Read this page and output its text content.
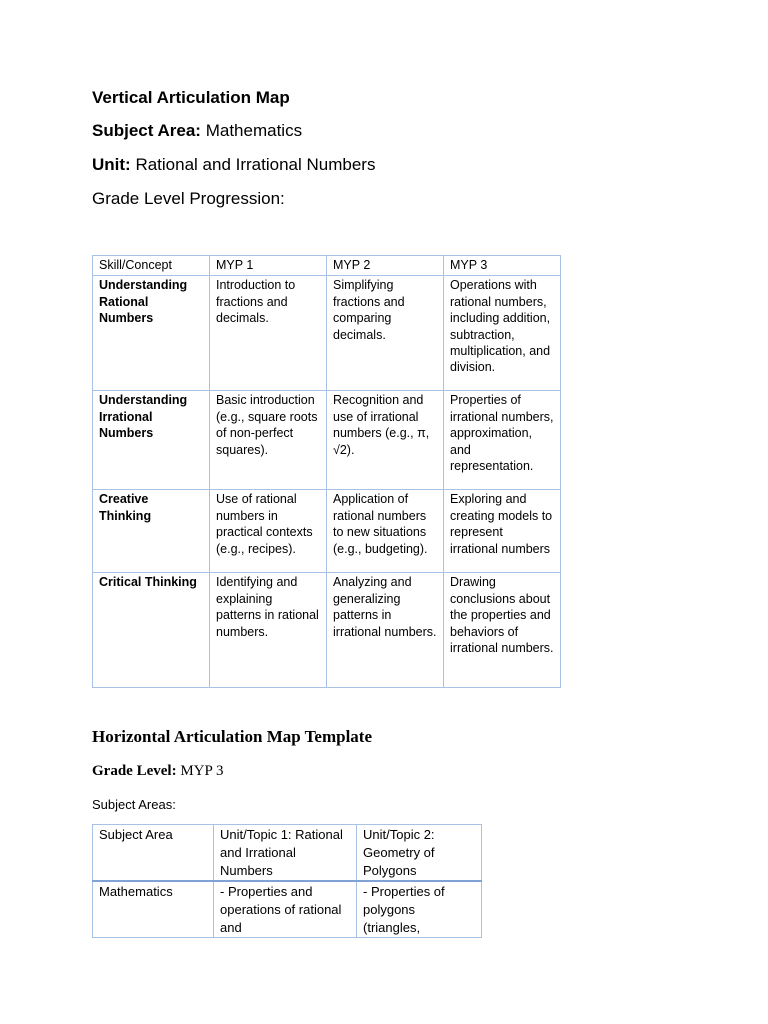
Vertical Articulation Map
Subject Area: Mathematics
Unit: Rational and Irrational Numbers
Grade Level Progression:
Skill/Concept	MYP 1	MYP 2	MYP 3
Understanding Rational Numbers	Introduction to fractions and decimals.	Simplifying fractions and comparing decimals.	Operations with rational numbers, including addition, subtraction, multiplication, and division.
Understanding Irrational Numbers	Basic introduction (e.g., square roots of non-perfect squares).	Recognition and use of irrational numbers (e.g., π, √2).	Properties of irrational numbers, approximation, and representation.
Creative Thinking	Use of rational numbers in practical contexts (e.g., recipes).	Application of rational numbers to new situations (e.g., budgeting).	Exploring and creating models to represent irrational numbers
Critical Thinking	Identifying and explaining patterns in rational numbers.	Analyzing and generalizing patterns in irrational numbers.	Drawing conclusions about the properties and behaviors of irrational numbers.
Horizontal Articulation Map Template
Grade Level: MYP 3
Subject Areas:
Subject Area	Unit/Topic 1: Rational and Irrational Numbers	Unit/Topic 2: Geometry of Polygons
Mathematics	- Properties and operations of rational and	- Properties of polygons (triangles,
